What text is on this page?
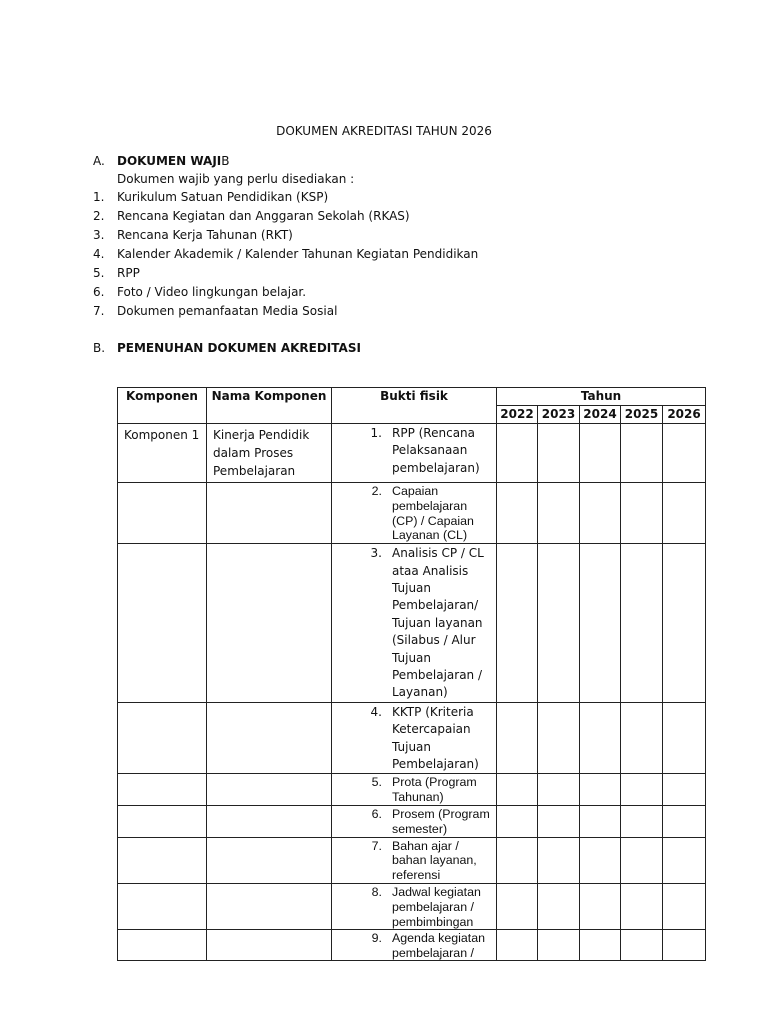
DOKUMEN AKREDITASI TAHUN 2026
A. DOKUMEN WAJIB
Dokumen wajib yang perlu disediakan :
1. Kurikulum Satuan Pendidikan (KSP)
2. Rencana Kegiatan dan Anggaran Sekolah (RKAS)
3. Rencana Kerja Tahunan (RKT)
4. Kalender Akademik / Kalender Tahunan Kegiatan Pendidikan
5. RPP
6. Foto / Video lingkungan belajar.
7. Dokumen pemanfaatan Media Sosial
B. PEMENUHAN DOKUMEN AKREDITASI
Komponen	Nama Komponen	Bukti fisik	Tahun				
			2022	2023	2024	2025	2026

Komponen 1	Kinerja Pendidik dalam Proses Pembelajaran	1. RPP (Rencana Pelaksanaan pembelajaran)					

		2. Capaian pembelajaran (CP) / Capaian Layanan (CL)					

		3. Analisis CP / CL ataa Analisis Tujuan Pembelajaran/ Tujuan layanan (Silabus / Alur Tujuan Pembelajaran / Layanan)					

		4. KKTP (Kriteria Ketercapaian Tujuan Pembelajaran)					

		5. Prota (Program Tahunan)					

		6. Prosem (Program semester)					

		7. Bahan ajar / bahan layanan, referensi					

		8. Jadwal kegiatan pembelajaran / pembimbingan					

		9. Agenda kegiatan pembelajaran /					
